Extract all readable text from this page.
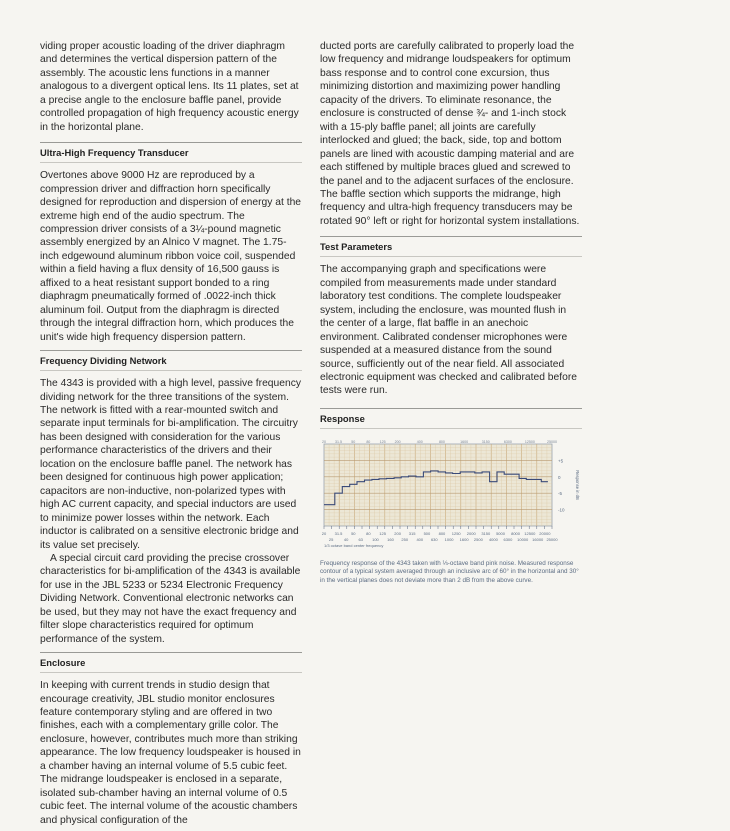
viding proper acoustic loading of the driver diaphragm and determines the vertical dispersion pattern of the assembly. The acoustic lens functions in a manner analogous to a divergent optical lens. Its 11 plates, set at a precise angle to the enclosure baffle panel, provide controlled propagation of high frequency acoustic energy in the horizontal plane.

Ultra-High Frequency Transducer

Overtones above 9000 Hz are reproduced by a compression driver and diffraction horn specifically designed for reproduction and dispersion of energy at the extreme high end of the audio spectrum. The compression driver consists of a 3¼-pound magnetic assembly energized by an Alnico V magnet. The 1.75-inch edgewound aluminum ribbon voice coil, suspended within a field having a flux density of 16,500 gauss is affixed to a heat resistant support bonded to a ring diaphragm pneumatically formed of .0022-inch thick aluminum foil. Output from the diaphragm is directed through the integral diffraction horn, which produces the unit's wide high frequency dispersion pattern.

Frequency Dividing Network

The 4343 is provided with a high level, passive frequency dividing network for the three transitions of the system. The network is fitted with a rear-mounted switch and separate input terminals for bi-amplification. The circuitry has been designed with consideration for the various performance characteristics of the drivers and their location on the enclosure baffle panel. The network has been designed for continuous high power application; capacitors are non-inductive, non-polarized types with high AC current capacity, and special inductors are used to minimize power losses within the network. Each inductor is calibrated on a sensitive electronic bridge and its value set precisely.

A special circuit card providing the precise crossover characteristics for bi-amplification of the 4343 is available for use in the JBL 5233 or 5234 Electronic Frequency Dividing Network. Conventional electronic networks can be used, but they may not have the exact frequency and filter slope characteristics required for optimum performance of the system.

Enclosure

In keeping with current trends in studio design that encourage creativity, JBL studio monitor enclosures feature contemporary styling and are offered in two finishes, each with a complementary grille color. The enclosure, however, contributes much more than striking appearance. The low frequency loudspeaker is housed in a chamber having an internal volume of 5.5 cubic feet. The midrange loudspeaker is enclosed in a separate, isolated sub-chamber having an internal volume of 0.5 cubic feet. The internal volume of the acoustic chambers and physical configuration of the

ducted ports are carefully calibrated to properly load the low frequency and midrange loudspeakers for optimum bass response and to control cone excursion, thus minimizing distortion and maximizing power handling capacity of the drivers. To eliminate resonance, the enclosure is constructed of dense ¾- and 1-inch stock with a 15-ply baffle panel; all joints are carefully interlocked and glued; the back, side, top and bottom panels are lined with acoustic damping material and are each stiffened by multiple braces glued and screwed to the panel and to the adjacent surfaces of the enclosure. The baffle section which supports the midrange, high frequency and ultra-high frequency transducers may be rotated 90° left or right for horizontal system installations.

Test Parameters

The accompanying graph and specifications were compiled from measurements made under standard laboratory test conditions. The complete loudspeaker system, including the enclosure, was mounted flush in the center of a large, flat baffle in an anechoic environment. Calibrated condenser microphones were suspended at a measured distance from the sound source, sufficiently out of the near field. All associated electronic equipment was checked and calibrated before tests were run.

Response
+5
0
-5
-10
Response in dB
20	31.5	50	80	125	200	400	800	1600	3150	6300	12500	25000
20 31.5 50	80 125 200 315 500 800 1250 2000 3150 5000 8000 12500 20000
25	40	63 100 160 250 400 630 1000 1600 2500 4000 6300 10000 16000 25000
1/3 octave band center frequency

Frequency response of the 4343 taken with ⅓-octave band pink noise. Measured response contour of a typical system averaged through an inclusive arc of 60° in the horizontal and 30° in the vertical planes does not deviate more than 2 dB from the above curve.
